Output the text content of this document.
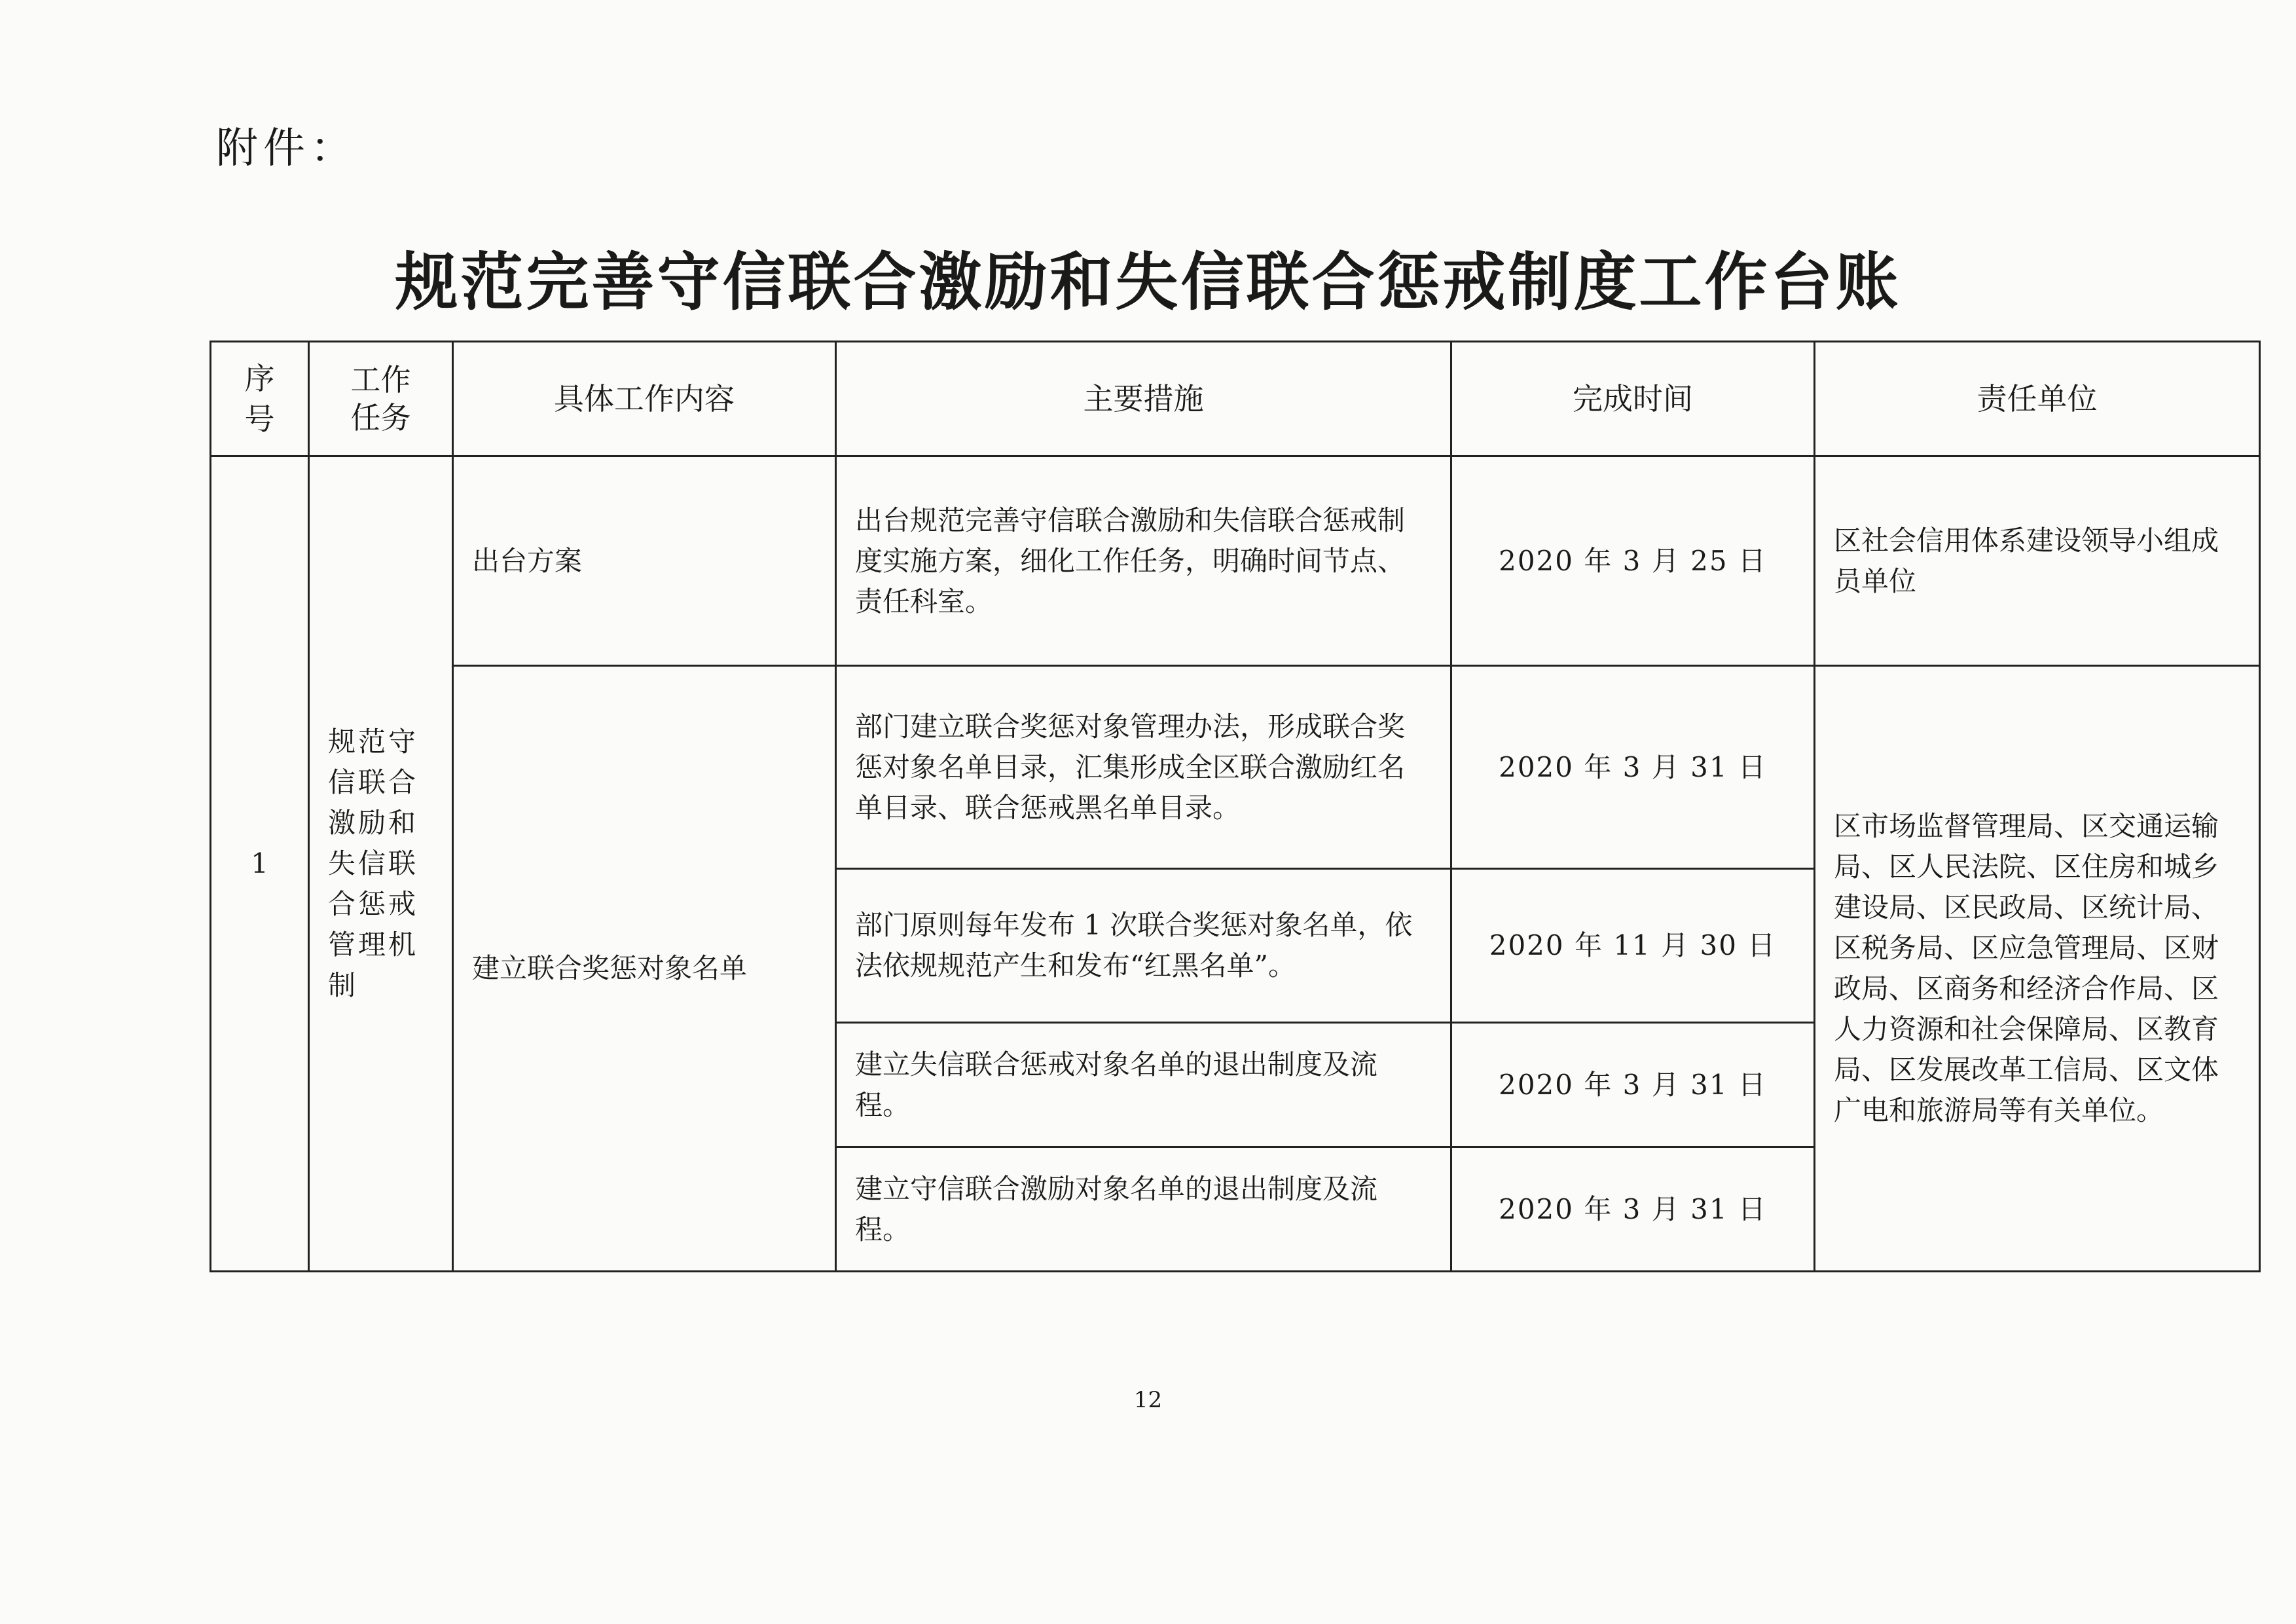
附件：
规范完善守信联合激励和失信联合惩戒制度工作台账
序号	工作任务	具体工作内容	主要措施	完成时间	责任单位
1	规范守信联合激励和失信联合惩戒管理机制	出台方案	出台规范完善守信联合激励和失信联合惩戒制度实施方案，细化工作任务，明确时间节点、责任科室。	2020 年 3 月 25 日	区社会信用体系建设领导小组成员单位
		建立联合奖惩对象名单	部门建立联合奖惩对象管理办法，形成联合奖惩对象名单目录，汇集形成全区联合激励红名单目录、联合惩戒黑名单目录。	2020 年 3 月 31 日	区市场监督管理局、区交通运输局、区人民法院、区住房和城乡建设局、区民政局、区统计局、区税务局、区应急管理局、区财政局、区商务和经济合作局、区人力资源和社会保障局、区教育局、区发展改革工信局、区文体广电和旅游局等有关单位。
			部门原则每年发布 1 次联合奖惩对象名单，依法依规规范产生和发布“红黑名单”。	2020 年 11 月 30 日	
			建立失信联合惩戒对象名单的退出制度及流程。	2020 年 3 月 31 日	
			建立守信联合激励对象名单的退出制度及流程。	2020 年 3 月 31 日	
12
